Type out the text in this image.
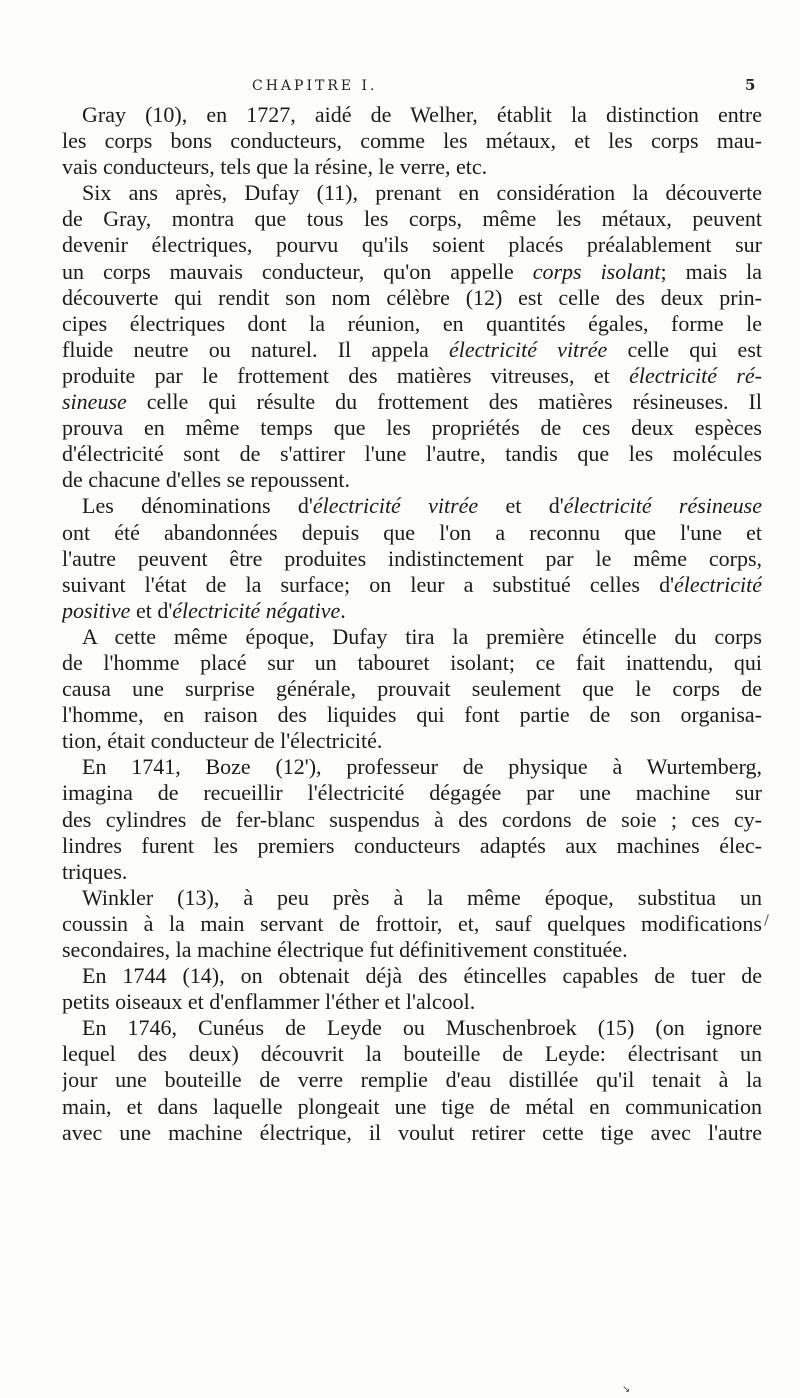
CHAPITRE I.	5
Gray (10), en 1727, aidé de Welher, établit la distinction entre
les corps bons conducteurs, comme les métaux, et les corps mau-
vais conducteurs, tels que la résine, le verre, etc.
Six ans après, Dufay (11), prenant en considération la découverte
de Gray, montra que tous les corps, même les métaux, peuvent
devenir électriques, pourvu qu'ils soient placés préalablement sur
un corps mauvais conducteur, qu'on appelle corps isolant; mais la
découverte qui rendit son nom célèbre (12) est celle des deux prin-
cipes électriques dont la réunion, en quantités égales, forme le
fluide neutre ou naturel. Il appela électricité vitrée celle qui est
produite par le frottement des matières vitreuses, et électricité ré-
sineuse celle qui résulte du frottement des matières résineuses. Il
prouva en même temps que les propriétés de ces deux espèces
d'électricité sont de s'attirer l'une l'autre, tandis que les molécules
de chacune d'elles se repoussent.
Les dénominations d'électricité vitrée et d'électricité résineuse
ont été abandonnées depuis que l'on a reconnu que l'une et
l'autre peuvent être produites indistinctement par le même corps,
suivant l'état de la surface; on leur a substitué celles d'électricité
positive et d'électricité négative.
A cette même époque, Dufay tira la première étincelle du corps
de l'homme placé sur un tabouret isolant; ce fait inattendu, qui
causa une surprise générale, prouvait seulement que le corps de
l'homme, en raison des liquides qui font partie de son organisa-
tion, était conducteur de l'électricité.
En 1741, Boze (12'), professeur de physique à Wurtemberg,
imagina de recueillir l'électricité dégagée par une machine sur
des cylindres de fer-blanc suspendus à des cordons de soie ; ces cy-
lindres furent les premiers conducteurs adaptés aux machines élec-
triques.
Winkler (13), à peu près à la même époque, substitua un
coussin à la main servant de frottoir, et, sauf quelques modifications
secondaires, la machine électrique fut définitivement constituée.
En 1744 (14), on obtenait déjà des étincelles capables de tuer de
petits oiseaux et d'enflammer l'éther et l'alcool.
En 1746, Cunéus de Leyde ou Muschenbroek (15) (on ignore
lequel des deux) découvrit la bouteille de Leyde: électrisant un
jour une bouteille de verre remplie d'eau distillée qu'il tenait à la
main, et dans laquelle plongeait une tige de métal en communication
avec une machine électrique, il voulut retirer cette tige avec l'autre
↘
